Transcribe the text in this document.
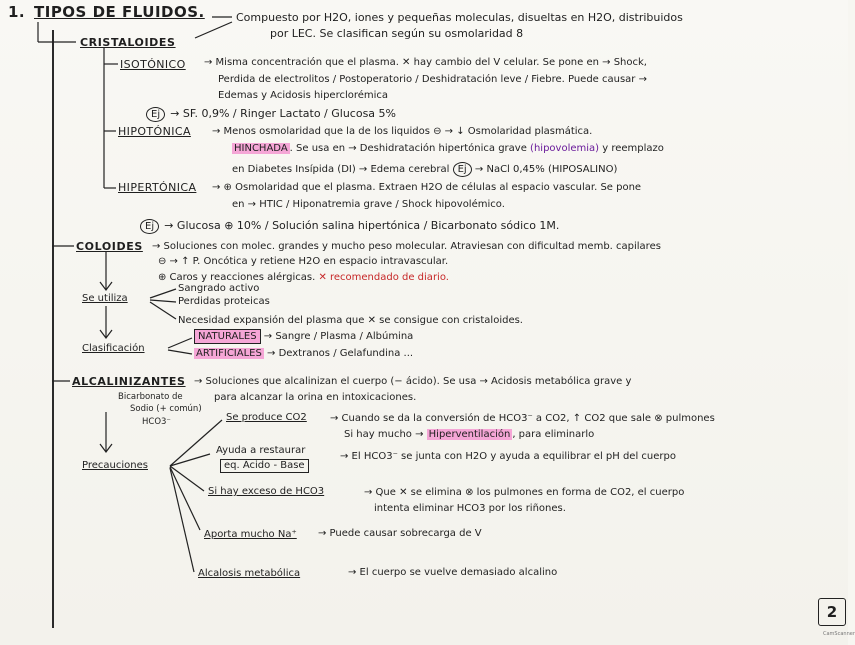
1. TIPOS DE FLUIDOS.	Compuesto por H2O, iones y pequeñas moleculas, disueltas en H2O, distribuidos
por LEC. Se clasifican según su osmolaridad 8
CRISTALOIDES
ISOTÓNICO → Misma concentración que el plasma. ✕ hay cambio del V celular. Se pone en → Shock,
Perdida de electrolitos / Postoperatorio / Deshidratación leve / Fiebre. Puede causar →
Edemas y Acidosis hiperclorémica
Ej → SF. 0,9% / Ringer Lactato / Glucosa 5%
HIPOTÓNICA → Menos osmolaridad que la de los liquidos ⊖ → ↓ Osmolaridad plasmática.
HINCHADA . Se usa en → Deshidratación hipertónica grave (hipovolemia) y reemplazo
en Diabetes Insípida (DI) → Edema cerebral Ej → NaCl 0,45% (HIPOSALINO)
HIPERTÓNICA → ⊕ Osmolaridad que el plasma. Extraen H2O de células al espacio vascular. Se pone
en → HTIC / Hiponatremia grave / Shock hipovolémico.
Ej → Glucosa ⊕ 10% / Solución salina hipertónica / Bicarbonato sódico 1M.
COLOIDES → Soluciones con molec. grandes y mucho peso molecular. Atraviesan con dificultad memb. capilares
⊖ → ↑ P. Oncótica y retiene H2O en espacio intravascular.
⊕ Caros y reacciones alérgicas. ✕ recomendado de diario.
Se utiliza
Sangrado activo
Perdidas proteicas
Necesidad expansión del plasma que ✕ se consigue con cristaloides.
Clasificación
NATURALES → Sangre / Plasma / Albúmina
ARTIFICIALES → Dextranos / Gelafundina ...
ALCALINIZANTES → Soluciones que alcalinizan el cuerpo (− ácido). Se usa → Acidosis metabólica grave y
para alcanzar la orina en intoxicaciones.
Bicarbonato de
Sodio (+ común)
HCO3⁻
Precauciones
Se produce CO2 → Cuando se da la conversión de HCO3⁻ a CO2, ↑ CO2 que sale ⊗ pulmones
Si hay mucho → Hiperventilación , para eliminarlo
Ayuda a restaurar
eq. Ácido - Base
→ El HCO3⁻ se junta con H2O y ayuda a equilibrar el pH del cuerpo
Si hay exceso de HCO3	→ Que ✕ se elimina ⊗ los pulmones en forma de CO2, el cuerpo
intenta eliminar HCO3 por los riñones.
Aporta mucho Na⁺ → Puede causar sobrecarga de V
Alcalosis metabólica	→ El cuerpo se vuelve demasiado alcalino
2
CamScanner
